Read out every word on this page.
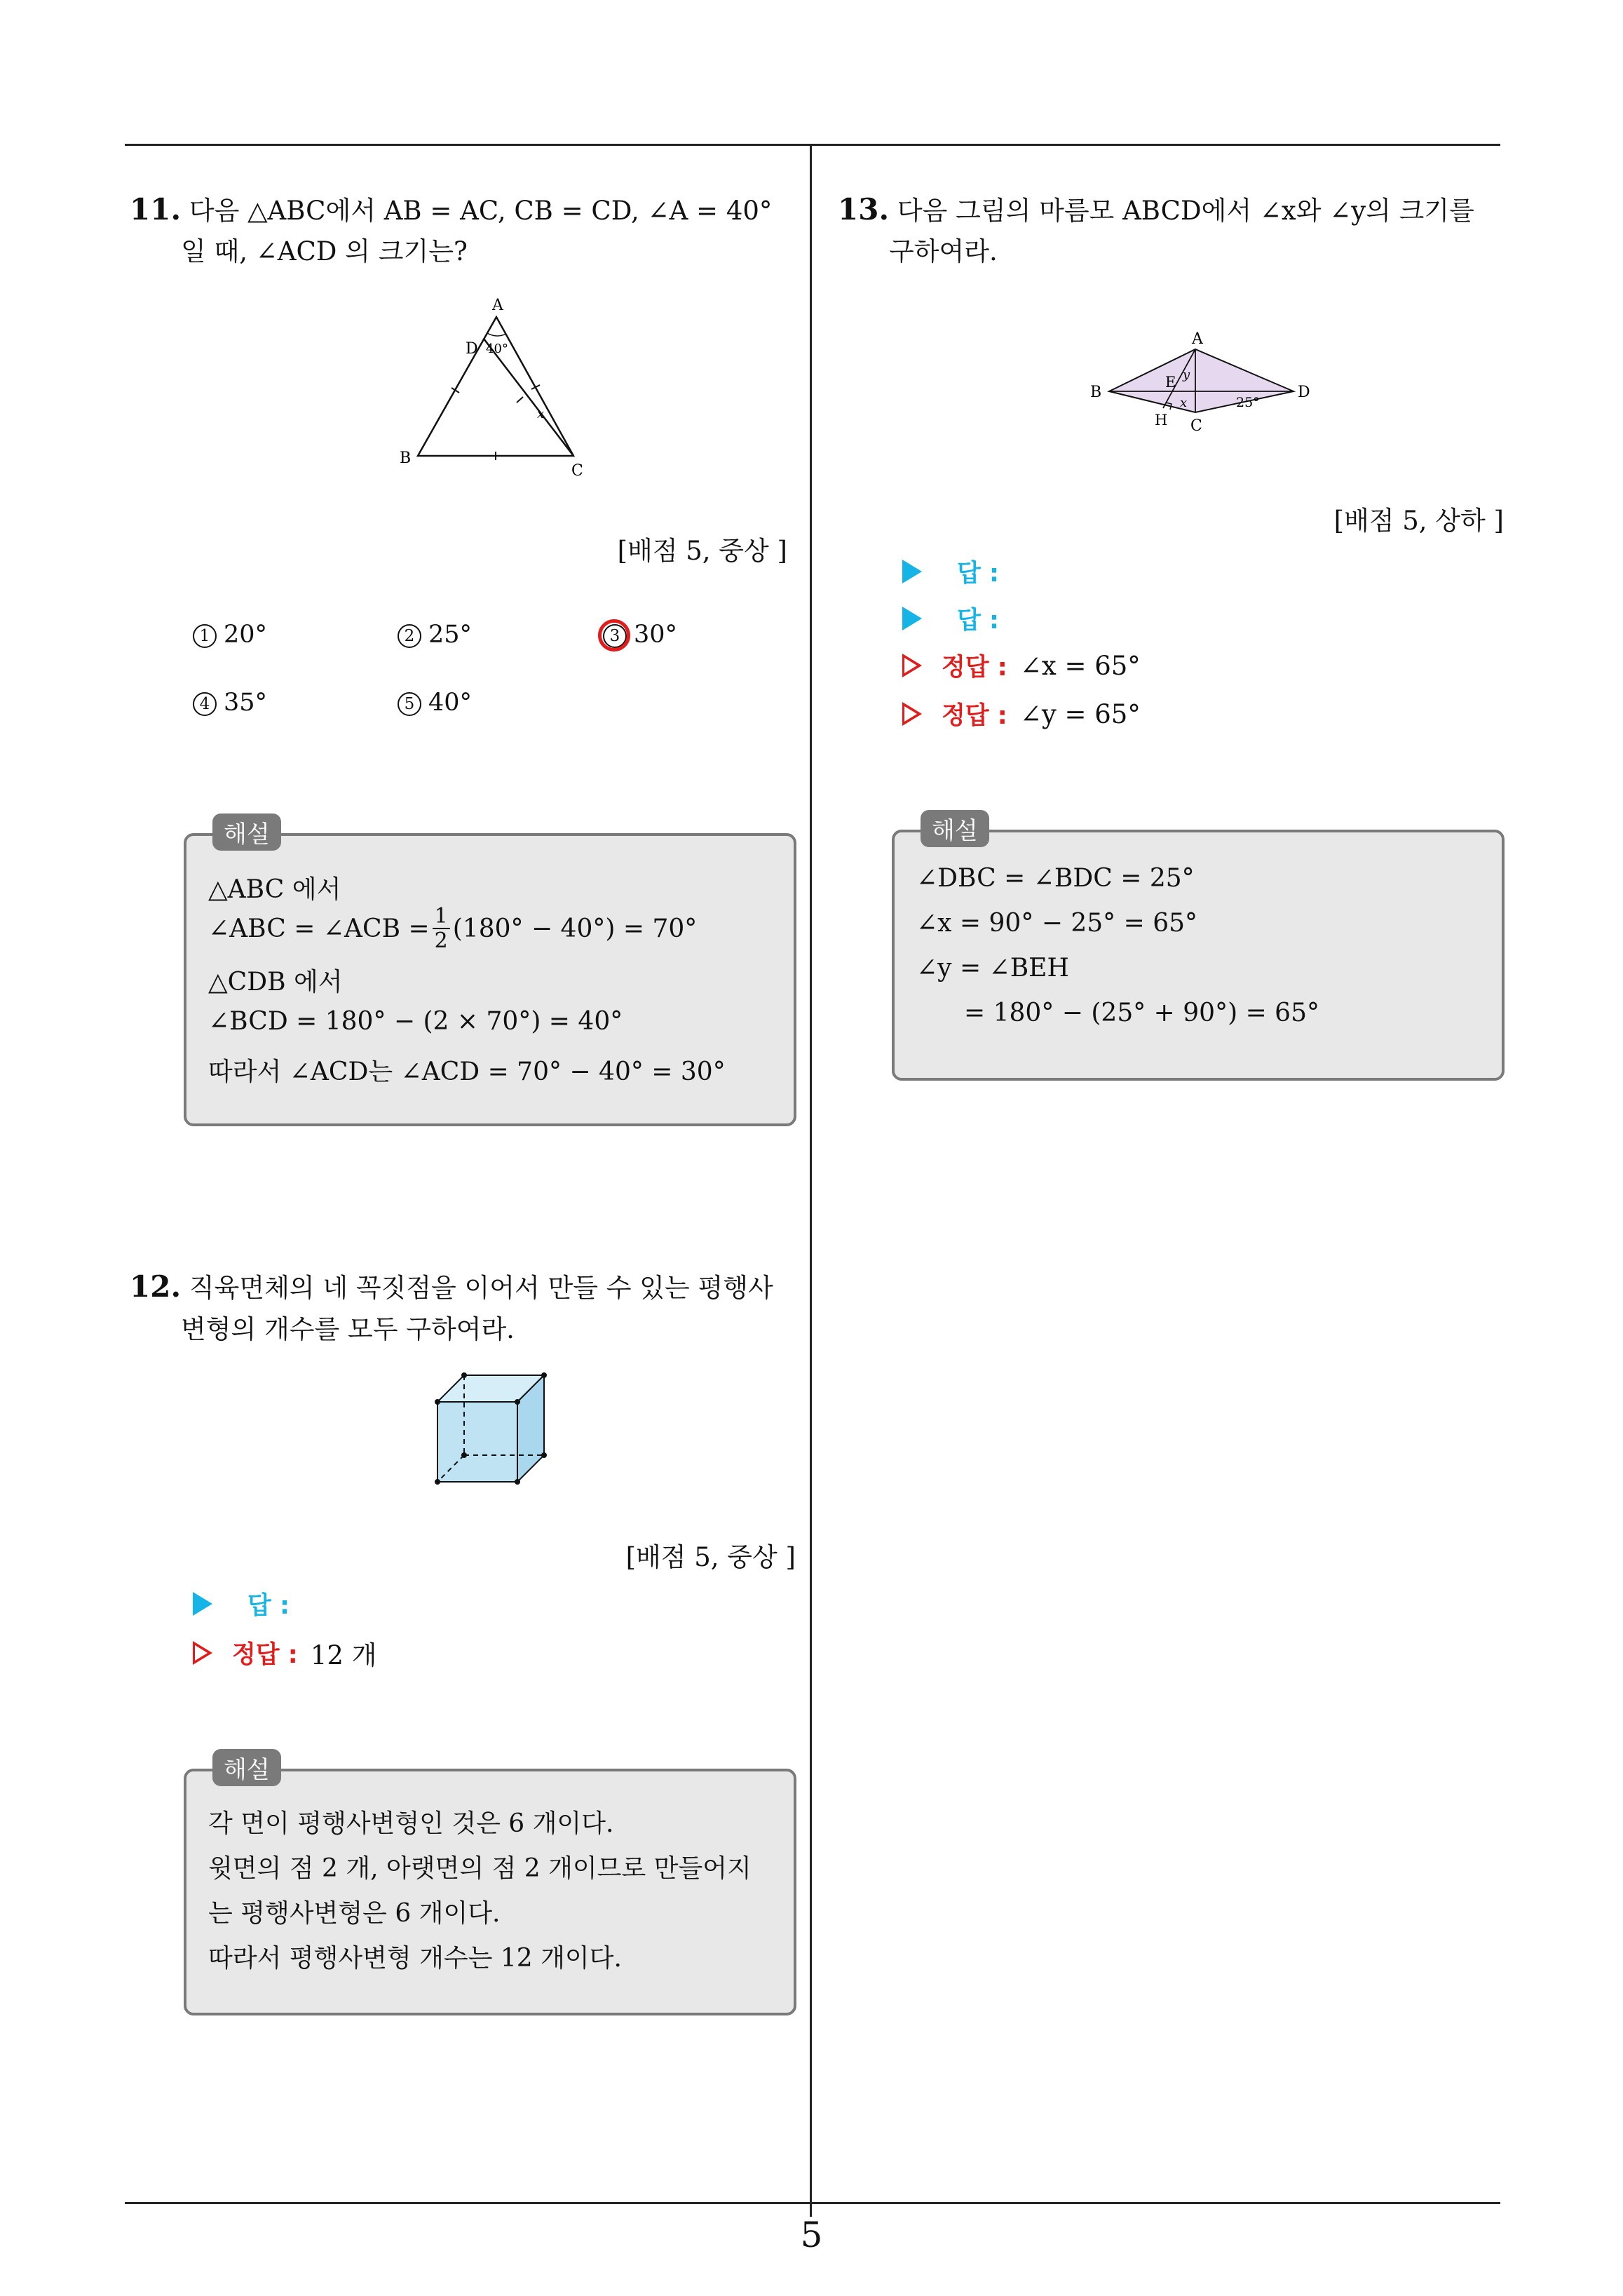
11. 다음 △ABC에서 AB = AC, CB = CD, ∠A = 40°
일 때, ∠ACD 의 크기는?
A
D 40°
B
C
x
[배점 5, 중상 ]
1 20°	2 25°	3 30°
4 35°	5 40°
해설
△ABC 에서
∠ABC = ∠ACB = $\frac{1}{2} (180^\circ - 40^\circ) = 70^\circ$
△CDB 에서
∠BCD = 180° − (2 × 70°) = 40°
따라서 ∠ACD는 ∠ACD = 70° − 40° = 30°
12. 직육면체의 네 꼭짓점을 이어서 만들 수 있는 평행사
변형의 개수를 모두 구하여라.
[배점 5, 중상 ]
답 :
정답 : 12 개
해설
각 면이 평행사변형인 것은 6 개이다.
윗면의 점 2 개, 아랫면의 점 2 개이므로 만들어지
는 평행사변형은 6 개이다.
따라서 평행사변형 개수는 12 개이다.
13. 다음 그림의 마름모 ABCD에서 ∠x와 ∠y의 크기를
구하여라.
A
B	D
C
E
H
y
x	25°
[배점 5, 상하 ]
답 :
답 :
정답 : ∠x = 65°
정답 : ∠y = 65°
해설
∠DBC = ∠BDC = 25°
∠x = 90° − 25° = 65°
∠y = ∠BEH
= 180° − (25° + 90°) = 65°
5
